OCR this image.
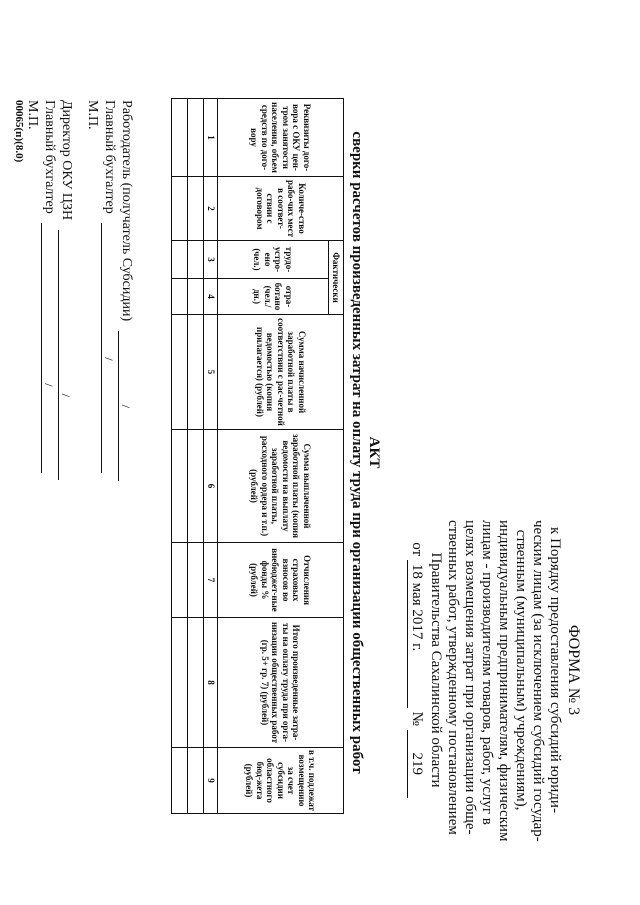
ФОРМА № 3
к Порядку предоставления субсидий юриди-
ческим лицам (за исключением субсидий государ-
ственным (муниципальным) учреждениям),
индивидуальным предпринимателям, физическим
лицам - производителям товаров, работ, услуг в
целях возмещения затрат при организации обще-
ственных работ, утвержденному постановлением
Правительства Сахалинской области
от 18 мая 2017 г. № 219
АКТ
сверки расчетов произведенных затрат на оплату труда при организации общественных работ
Реквизиты дого-вора с ОКУ цен-тром занятости населения, объем средств по дого-вору	Количе-ство рабо-чих мест в соответ-ствии с договором	Фактически		Сумма начисленной заработной платы в соответствии с рас-четной ведомостью (копия прилагается) (рублей)	Сумма выплаченной заработной платы (копия ведомости на выплату заработной платы, расходного ордера и т.п.) (рублей)	Отчисления страховых взносов во внебюджет-ные фонды % (рублей)	Итого произведенные затра-ты на оплату труда при орга-низации общественных работ (гр. 5+ гр. 7) (рублей)	в т.ч. подлежат возмещению за счет субсидии областного бюд-жета (рублей)
		трудо-устро-ено (чел.)	отра-ботано (чел./ дн.)					
1	2	3	4	5	6	7	8	9

Работодатель (получатель Субсидии)
/
Главный бухгалтер
/
М.П.
Директор ОКУ ЦЗН
/
Главный бухгалтер
/
М.П.
00065(п)(8.0)
